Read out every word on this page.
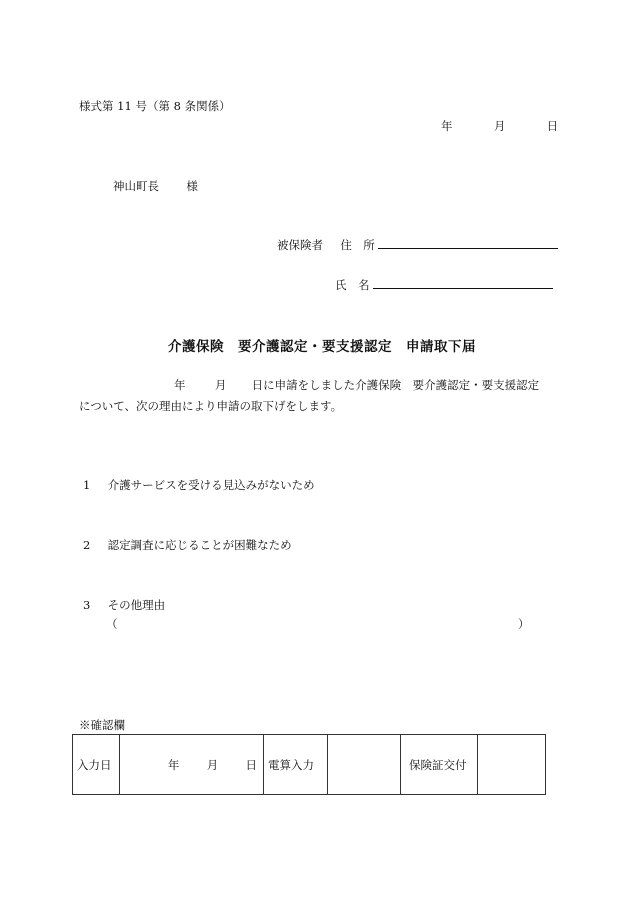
様式第 11 号（第 8 条関係）
年	月	日
神山町長 様
被保険者 住　所
氏　名
介護保険　要介護認定・要支援認定　申請取下届
年	月 日に申請をしました介護保険　要介護認定・要支援認定
について、次の理由により申請の取下げをします。
1 介護サービスを受ける見込みがないため
2 認定調査に応じることが困難なため
3 その他理由
（	）
※確認欄
入力日	年 月 日	電算入力		保険証交付	
